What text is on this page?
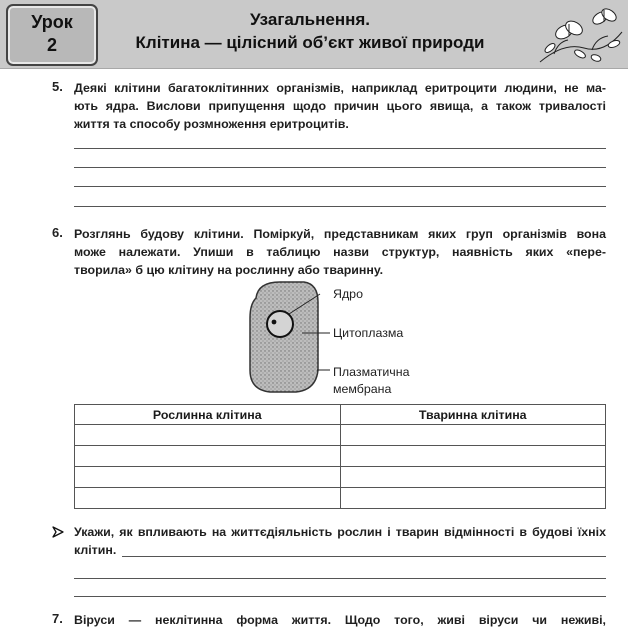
Урок
2
Узагальнення.
Клітина — цілісний об’єкт живої природи
5. Деякі клітини багатоклітинних організмів, наприклад еритроцити людини, не ма-
ють ядра. Вислови припущення щодо причин цього явища, а також тривалості
життя та способу розмноження еритроцитів.
6. Розглянь будову клітини. Поміркуй, представникам яких груп організмів вона
може належати. Упиши в таблицю назви структур, наявність яких «пере-
творила» б цю клітину на рослинну або тваринну.
Ядро
Цитоплазма
Плазматична
мембрана
Рослинна клітина	Тваринна клітина

Укажи, як впливають на життєдіяльність рослин і тварин відмінності в будові їхніх
клітин.
7. Віруси — неклітинна форма життя. Щодо того, живі віруси чи неживі,
